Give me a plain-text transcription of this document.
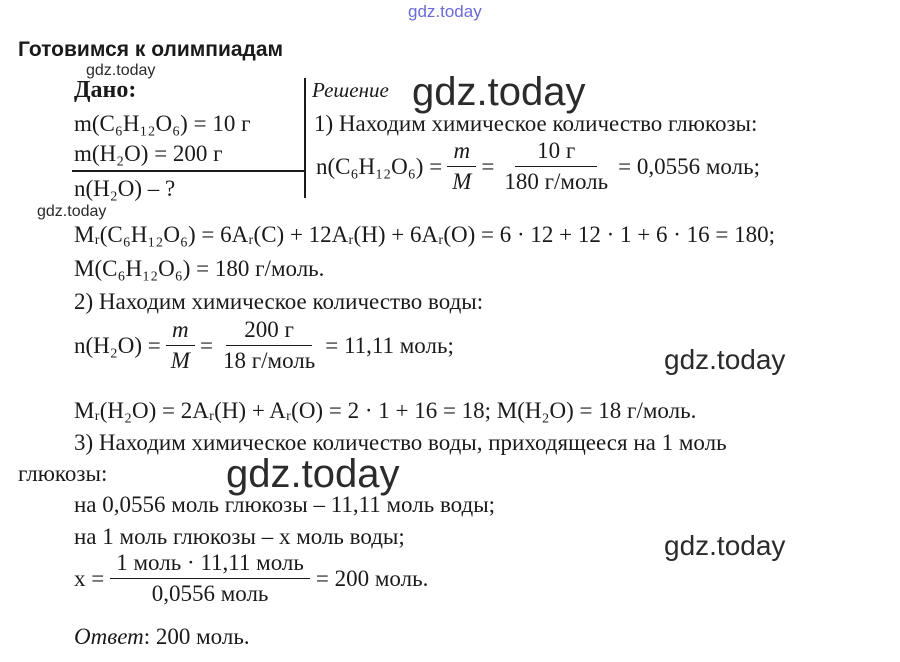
gdz.today
gdz.today	gdz.today
gdz.today
gdz.today
gdz.today
gdz.today
Готовимся к олимпиадам
Дано:
m(C₆H₁₂O₆) = 10 г
m(H₂O) = 200 г
n(H₂O) – ?
Решение
1) Находим химическое количество глюкозы:
$n(C_6H_{12}O_6) = \frac{m}{M} = \frac{10 г}{\text{180 г/моль}} = 0,0556$ моль;
Mᵣ(C₆H₁₂O₆) = 6Aᵣ(C) + 12Aᵣ(H) + 6Aᵣ(O) = 6 · 12 + 12 · 1 + 6 · 16 = 180;
M(C₆H₁₂O₆) = 180 г/моль.
2) Находим химическое количество воды:
$n(H_2O) = \frac{m}{M} = \frac{200 г}{\text{18 г/моль}} = 11,11$ моль;
Mᵣ(H₂O) = 2Aᵣ(H) + Aᵣ(O) = 2 · 1 + 16 = 18; M(H₂O) = 18 г/моль.
3) Находим химическое количество воды, приходящееся на 1 моль
глюкозы:
на 0,0556 моль глюкозы – 11,11 моль воды;
на 1 моль глюкозы – x моль воды;
$x = \frac{\text{1 моль · 11,11 моль}}{\text{0,0556 моль}} = 200$ моль.
Ответ: 200 моль.
